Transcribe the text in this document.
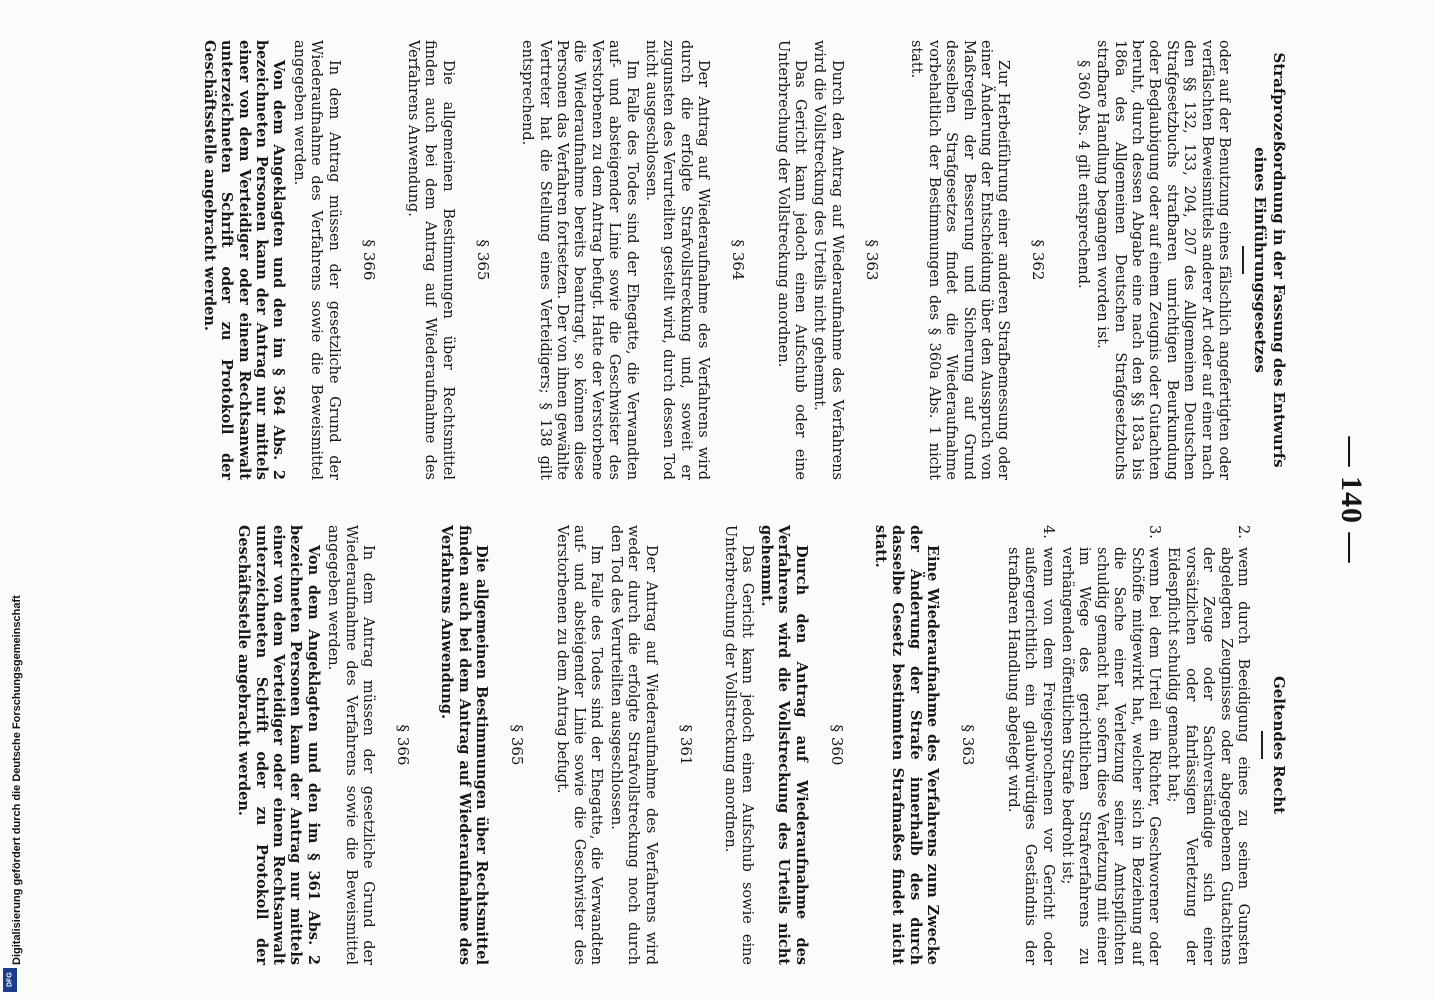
— 140 —
Strafprozeßordnung in der Fassung des Entwurfs eines Einführungsgesetzes

oder auf der Benutzung eines fälschlich angefertigten oder verfälschten Beweismittels anderer Art oder auf einer nach den §§ 132, 133, 204, 207 des Allgemeinen Deutschen Strafgesetzbuchs strafbaren unrichtigen Beurkundung oder Beglaubigung oder auf einem Zeugnis oder Gutachten beruht, durch dessen Abgabe eine nach den §§ 183a bis 186a des Allgemeinen Deutschen Strafgesetzbuchs strafbare Handlung begangen worden ist.

§ 360 Abs. 4 gilt entsprechend.

§ 362

Zur Herbeiführung einer anderen Strafbemessung oder einer Änderung der Entscheidung über den Ausspruch von Maßregeln der Besserung und Sicherung auf Grund desselben Strafgesetzes findet die Wiederaufnahme vorbehaltlich der Bestimmungen des § 360a Abs. 1 nicht statt.

§ 363

Durch den Antrag auf Wiederaufnahme des Verfahrens wird die Vollstreckung des Urteils nicht gehemmt.

Das Gericht kann jedoch einen Aufschub oder eine Unterbrechung der Vollstreckung anordnen.

§ 364

Der Antrag auf Wiederaufnahme des Verfahrens wird durch die erfolgte Strafvollstreckung und, soweit er zugunsten des Verurteilten gestellt wird, durch dessen Tod nicht ausgeschlossen.

Im Falle des Todes sind der Ehegatte, die Verwandten auf- und absteigender Linie sowie die Geschwister des Verstorbenen zu dem Antrag befugt. Hatte der Verstorbene die Wiederaufnahme bereits beantragt, so können diese Personen das Verfahren fortsetzen. Der von ihnen gewählte Vertreter hat die Stellung eines Verteidigers; § 138 gilt entsprechend.

§ 365

Die allgemeinen Bestimmungen über Rechtsmittel finden auch bei dem Antrag auf Wiederaufnahme des Verfahrens Anwendung.

§ 366

In dem Antrag müssen der gesetzliche Grund der Wiederaufnahme des Verfahrens sowie die Beweismittel angegeben werden.

Von dem Angeklagten und den im § 364 Abs. 2 bezeichneten Personen kann der Antrag nur mittels einer von dem Verteidiger oder einem Rechtsanwalt unterzeichneten Schrift oder zu Protokoll der Geschäftsstelle angebracht werden.

Geltendes Recht
2.
wenn durch Beeidigung eines zu seinen Gunsten abgelegten Zeugnisses oder abgegebenen Gutachtens der Zeuge oder Sachverständige sich einer vorsätzlichen oder fahrlässigen Verletzung der Eidespflicht schuldig gemacht hat;
3.
wenn bei dem Urteil ein Richter, Geschworener oder Schöffe mitgewirkt hat, welcher sich in Beziehung auf die Sache einer Verletzung seiner Amtspflichten schuldig gemacht hat, sofern diese Verletzung mit einer im Wege des gerichtlichen Strafverfahrens zu verhängenden öffentlichen Strafe bedroht ist;
4.
wenn von dem Freigesprochenen vor Gericht oder außergerichtlich ein glaubwürdiges Geständnis der strafbaren Handlung abgelegt wird.
§ 363

Eine Wiederaufnahme des Verfahrens zum Zwecke der Änderung der Strafe innerhalb des durch dasselbe Gesetz bestimmten Strafmaßes findet nicht statt.

§ 360

Durch den Antrag auf Wiederaufnahme des Verfahrens wird die Vollstreckung des Urteils nicht gehemmt.

Das Gericht kann jedoch einen Aufschub sowie eine Unterbrechung der Vollstreckung anordnen.

§ 361

Der Antrag auf Wiederaufnahme des Verfahrens wird weder durch die erfolgte Strafvollstreckung noch durch den Tod des Verurteilten ausgeschlossen.

Im Falle des Todes sind der Ehegatte, die Verwandten auf- und absteigender Linie sowie die Geschwister des Verstorbenen zu dem Antrag befugt.

§ 365

Die allgemeinen Bestimmungen über Rechtsmittel finden auch bei dem Antrag auf Wiederaufnahme des Verfahrens Anwendung.

§ 366

In dem Antrag müssen der gesetzliche Grund der Wiederaufnahme des Verfahrens sowie die Beweismittel angegeben werden.

Von dem Angeklagten und den im § 361 Abs. 2 bezeichneten Personen kann der Antrag nur mittels einer von dem Verteidiger oder einem Rechtsanwalt unterzeichneten Schrift oder zu Protokoll der Geschäftsstelle angebracht werden.

Digitalisierung gefördert durch die Deutsche Forschungsgemeinschaft
DFG
